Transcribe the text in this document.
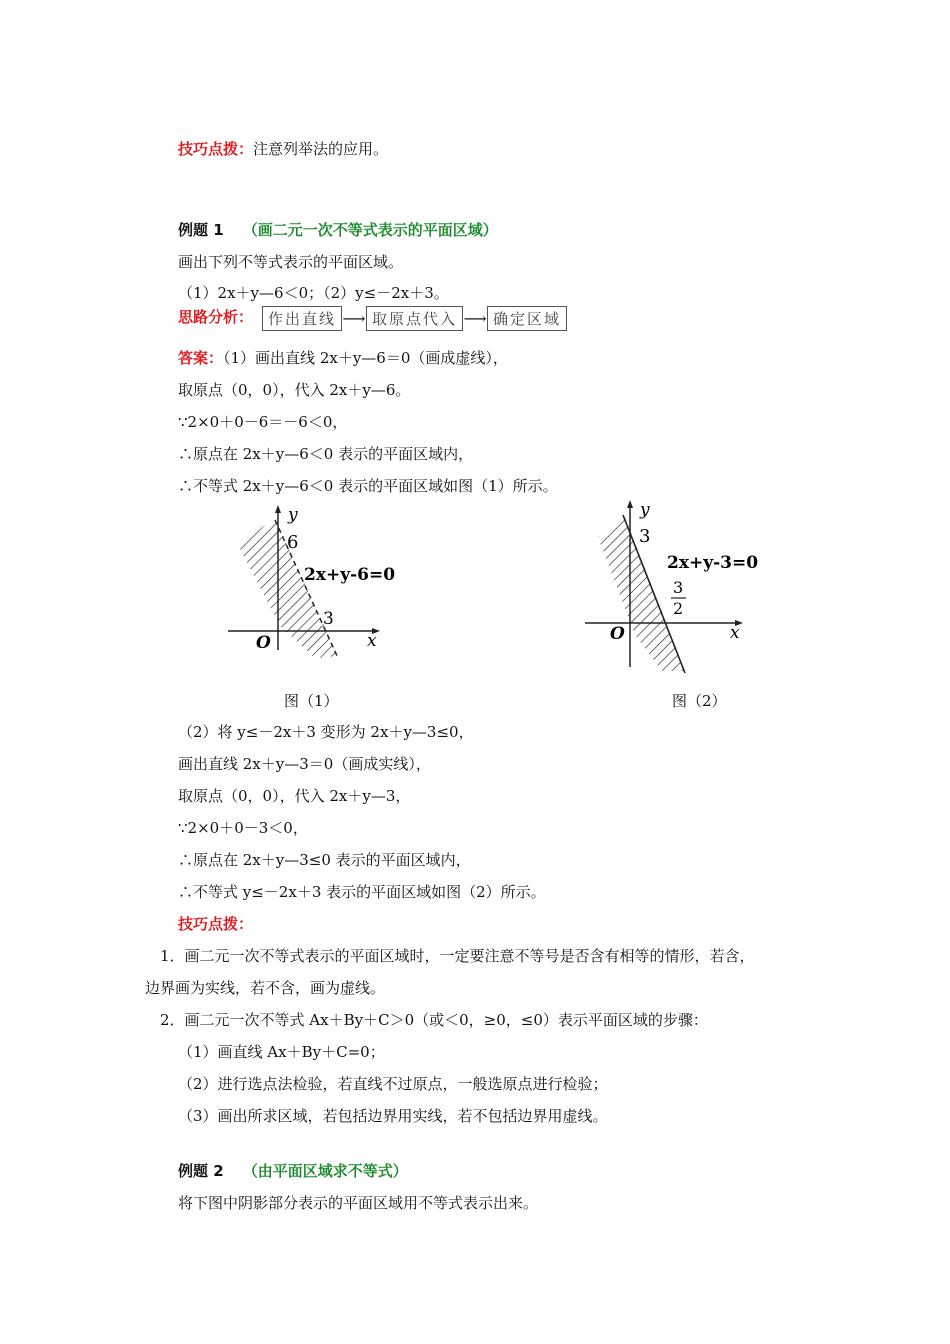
技巧点拨：注意列举法的应用。
例题 1 （画二元一次不等式表示的平面区域）
画出下列不等式表示的平面区域。
（1）2x＋y—6＜0；（2）y≤－2x＋3。
思路分析： 作出直线 ⟶ 取原点代入 ⟶ 确定区域
答案：（1）画出直线 2x＋y—6＝0（画成虚线），
取原点（0，0），代入 2x＋y—6。
∵2×0＋0－6＝－6＜0，
∴原点在 2x＋y—6＜0 表示的平面区域内，
∴不等式 2x＋y—6＜0 表示的平面区域如图（1）所示。
y
6
2x+y-6=0
3
O	x
图（1）
y
3
2x+y-3=0
3
2
O	x
图（2）
（2）将 y≤－2x＋3 变形为 2x＋y—3≤0，
画出直线 2x＋y—3＝0（画成实线），
取原点（0，0），代入 2x＋y—3，
∵2×0＋0－3＜0，
∴原点在 2x＋y—3≤0 表示的平面区域内，
∴不等式 y≤－2x＋3 表示的平面区域如图（2）所示。
技巧点拨：
1．画二元一次不等式表示的平面区域时，一定要注意不等号是否含有相等的情形，若含，
边界画为实线，若不含，画为虚线。
2．画二元一次不等式 Ax＋By＋C＞0（或＜0，≥0，≤0）表示平面区域的步骤：
（1）画直线 Ax＋By＋C=0；
（2）进行选点法检验，若直线不过原点，一般选原点进行检验；
（3）画出所求区域，若包括边界用实线，若不包括边界用虚线。
例题 2 （由平面区域求不等式）
将下图中阴影部分表示的平面区域用不等式表示出来。
